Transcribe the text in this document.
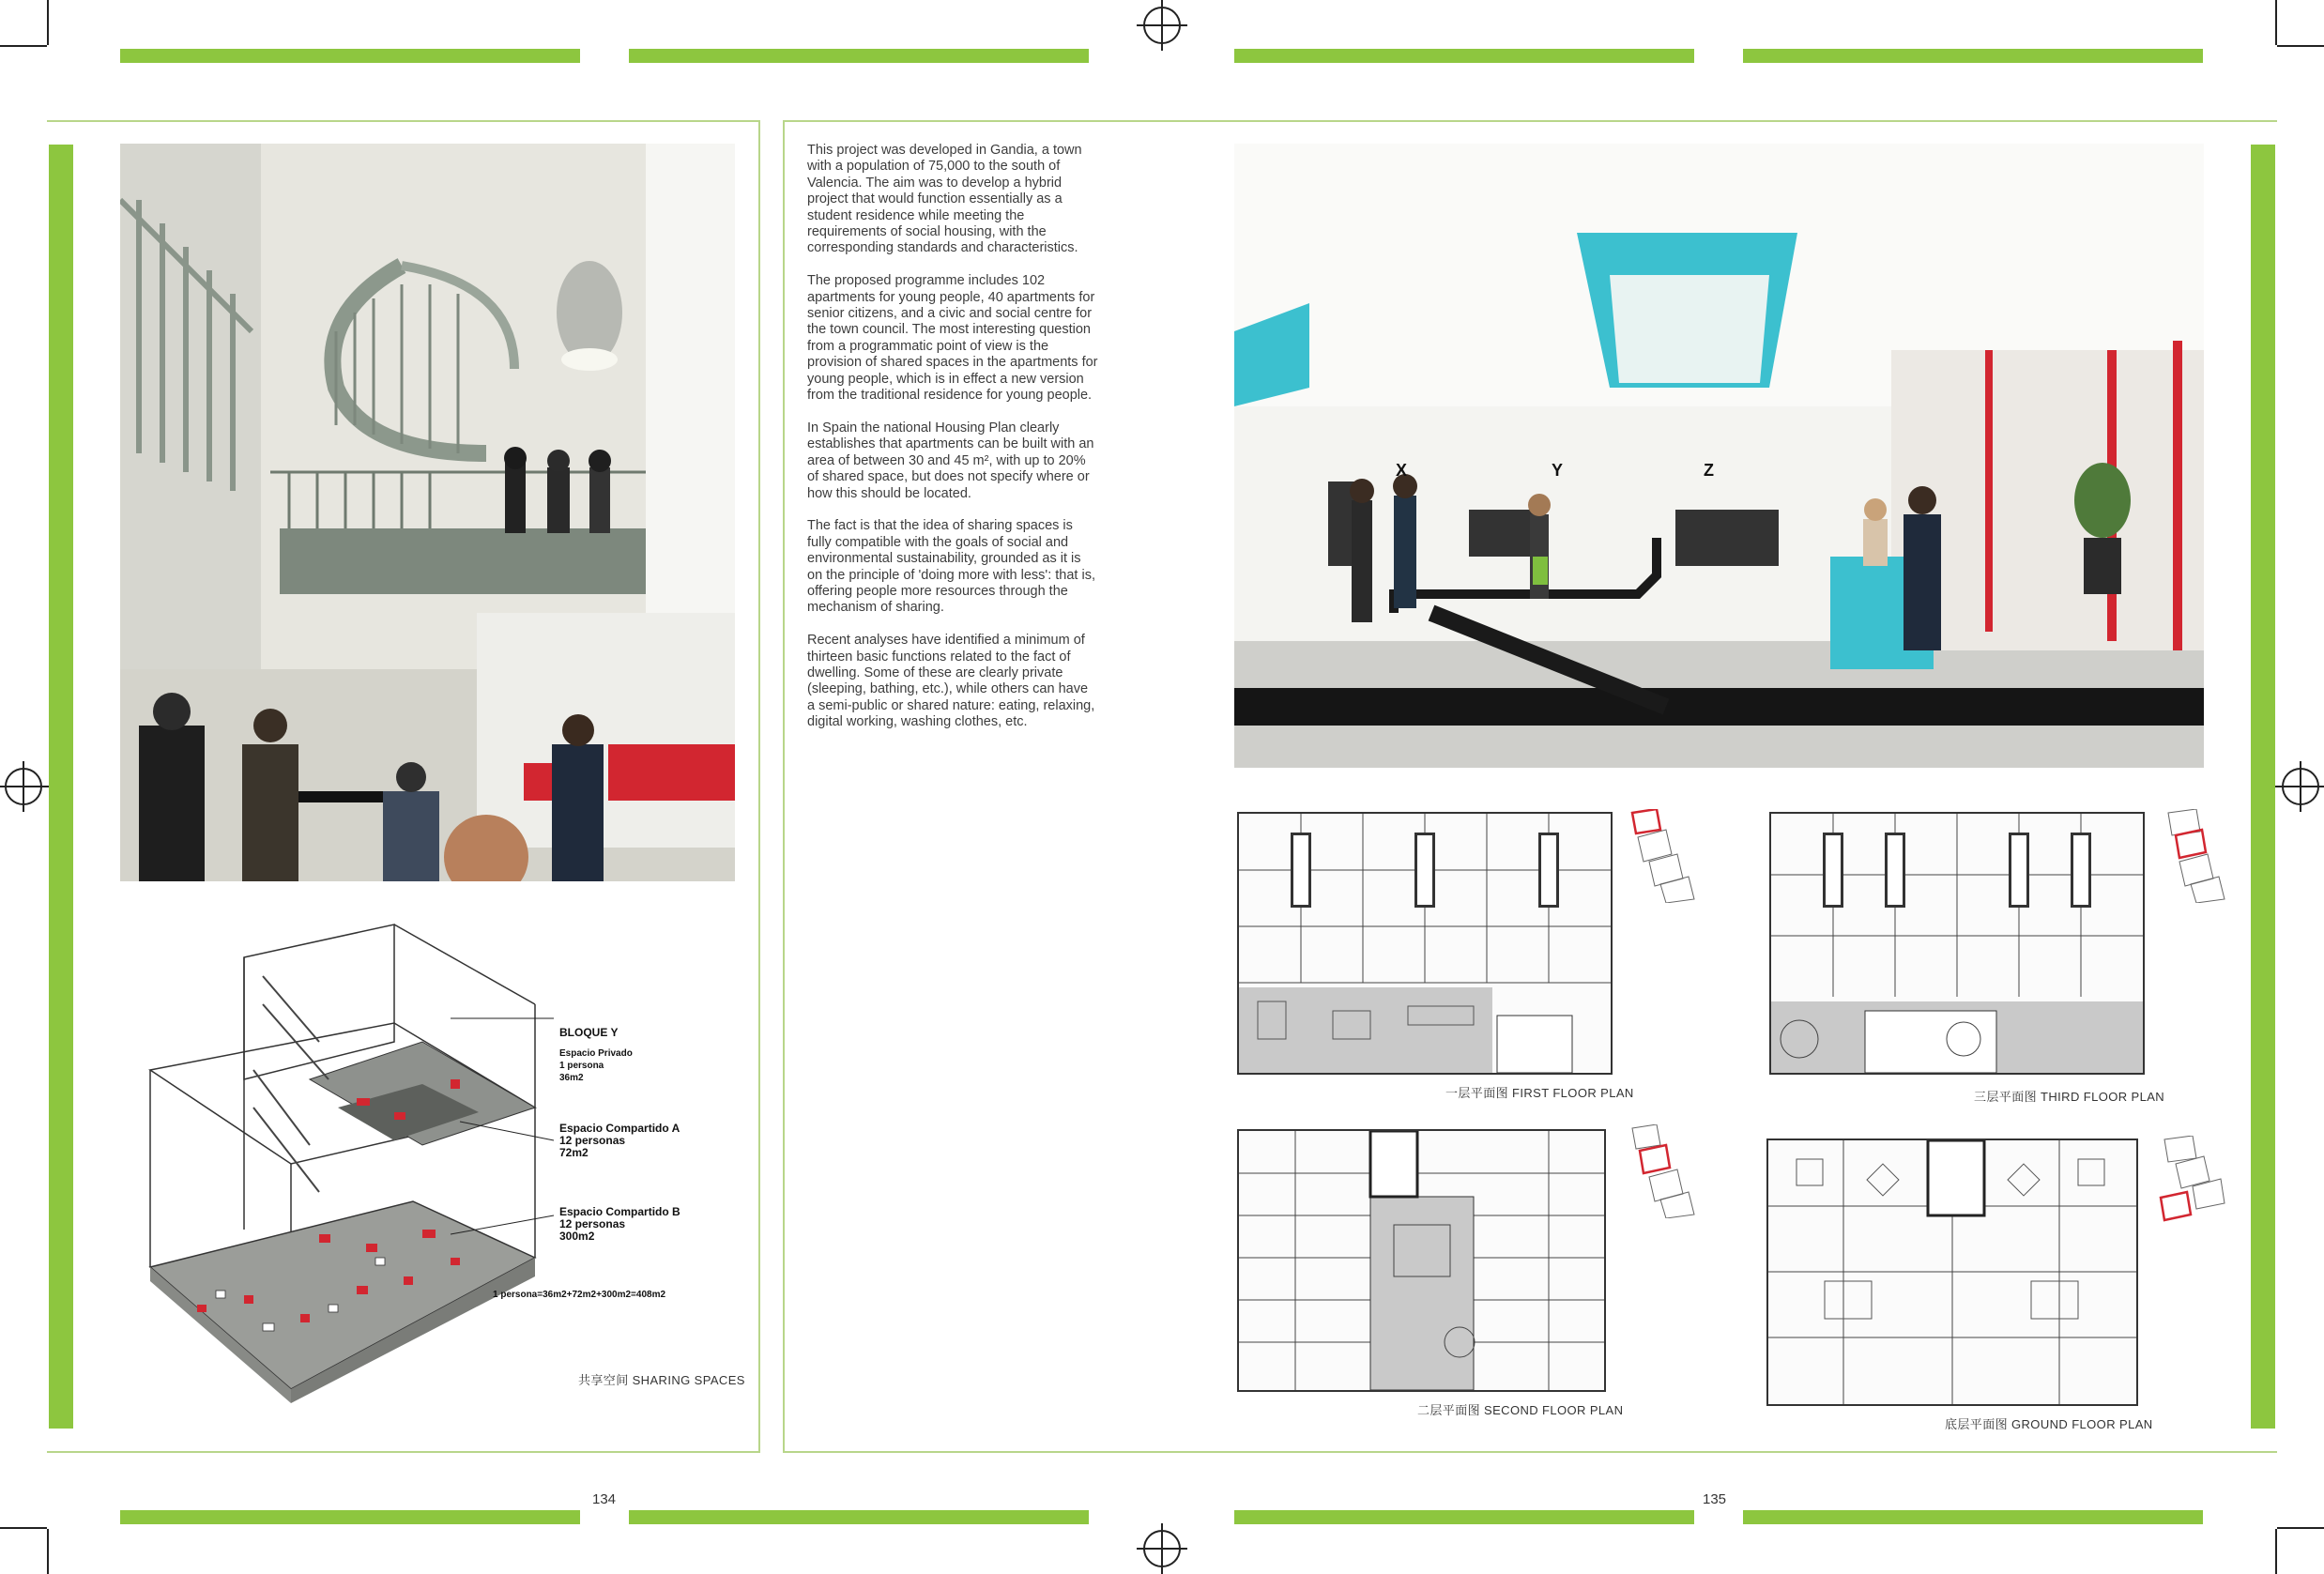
BLOQUE Y
Espacio Privado
1 persona
36m2
Espacio Compartido A
12 personas
72m2
Espacio Compartido B
12 personas
300m2
1 persona=36m2+72m2+300m2=408m2
共享空间 SHARING SPACES

This project was developed in Gandia, a town with a population of 75,000 to the south of Valencia. The aim was to develop a hybrid project that would function essentially as a student residence while meeting the requirements of social housing, with the corresponding standards and characteristics.

The proposed programme includes 102 apartments for young people, 40 apartments for senior citizens, and a civic and social centre for the town council. The most interesting question from a programmatic point of view is the provision of shared spaces in the apartments for young people, which is in effect a new version from the traditional residence for young people.

In Spain the national Housing Plan clearly establishes that apartments can be built with an area of between 30 and 45 m², with up to 20% of shared space, but does not specify where or how this should be located.

The fact is that the idea of sharing spaces is fully compatible with the goals of social and environmental sustainability, grounded as it is on the principle of 'doing more with less': that is, offering people more resources through the mechanism of sharing.

Recent analyses have identified a minimum of thirteen basic functions related to the fact of dwelling. Some of these are clearly private (sleeping, bathing, etc.), while others can have a semi-public or shared nature: eating, relaxing, digital working, washing clothes, etc.

X	Y	Z
一层平面图 FIRST FLOOR PLAN	三层平面图 THIRD FLOOR PLAN
二层平面图 SECOND FLOOR PLAN
底层平面图 GROUND FLOOR PLAN
134	135
